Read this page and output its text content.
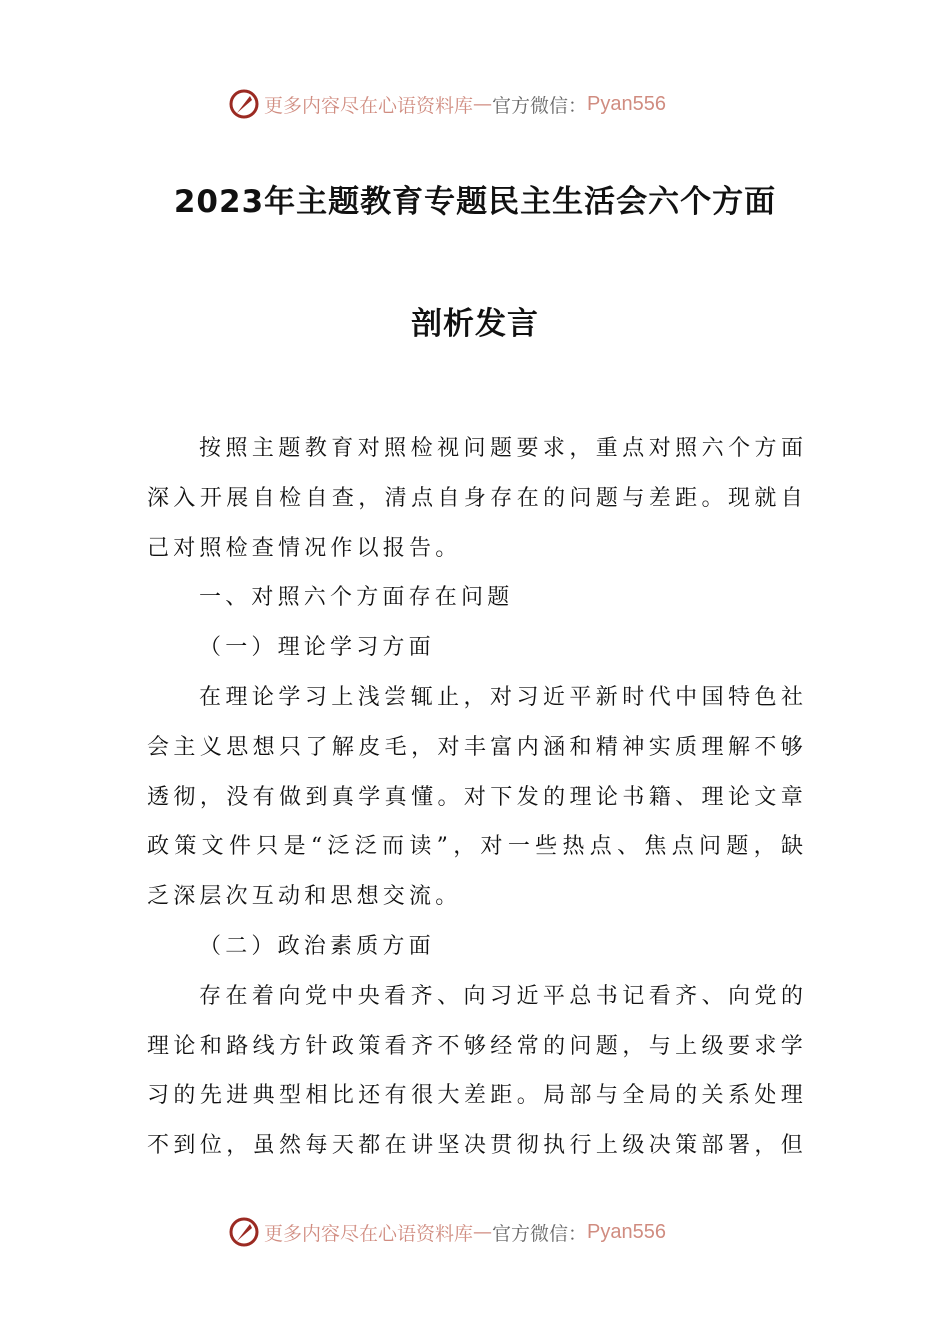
更多内容尽在心语资料库 — 官方微信： Pyan556
2023年主题教育专题民主生活会六个方面
剖析发言
按 照 主 题 教 育 对 照 检 视 问 题 要 求 ， 重 点 对 照 六 个 方 面
深 入 开 展 自 检 自 查 ， 清 点 自 身 存 在 的 问 题 与 差 距 。 现 就 自
己对照检查情况作以报告。
一、对照六个方面存在问题
（一）理论学习方面
在 理 论 学 习 上 浅 尝 辄 止 ， 对 习 近 平 新 时 代 中 国 特 色 社
会 主 义 思 想 只 了 解 皮 毛 ， 对 丰 富 内 涵 和 精 神 实 质 理 解 不 够
透 彻 ， 没 有 做 到 真 学 真 懂 。 对 下 发 的 理 论 书 籍 、 理 论 文 章
政 策 文 件 只 是 “ 泛 泛 而 读 ” ， 对 一 些 热 点 、 焦 点 问 题 ， 缺
乏深层次互动和思想交流。
（二）政治素质方面
存 在 着 向 党 中 央 看 齐 、 向 习 近 平 总 书 记 看 齐 、 向 党 的
理 论 和 路 线 方 针 政 策 看 齐 不 够 经 常 的 问 题 ， 与 上 级 要 求 学
习 的 先 进 典 型 相 比 还 有 很 大 差 距 。 局 部 与 全 局 的 关 系 处 理
不 到 位 ， 虽 然 每 天 都 在 讲 坚 决 贯 彻 执 行 上 级 决 策 部 署 ， 但
更多内容尽在心语资料库 — 官方微信： Pyan556
